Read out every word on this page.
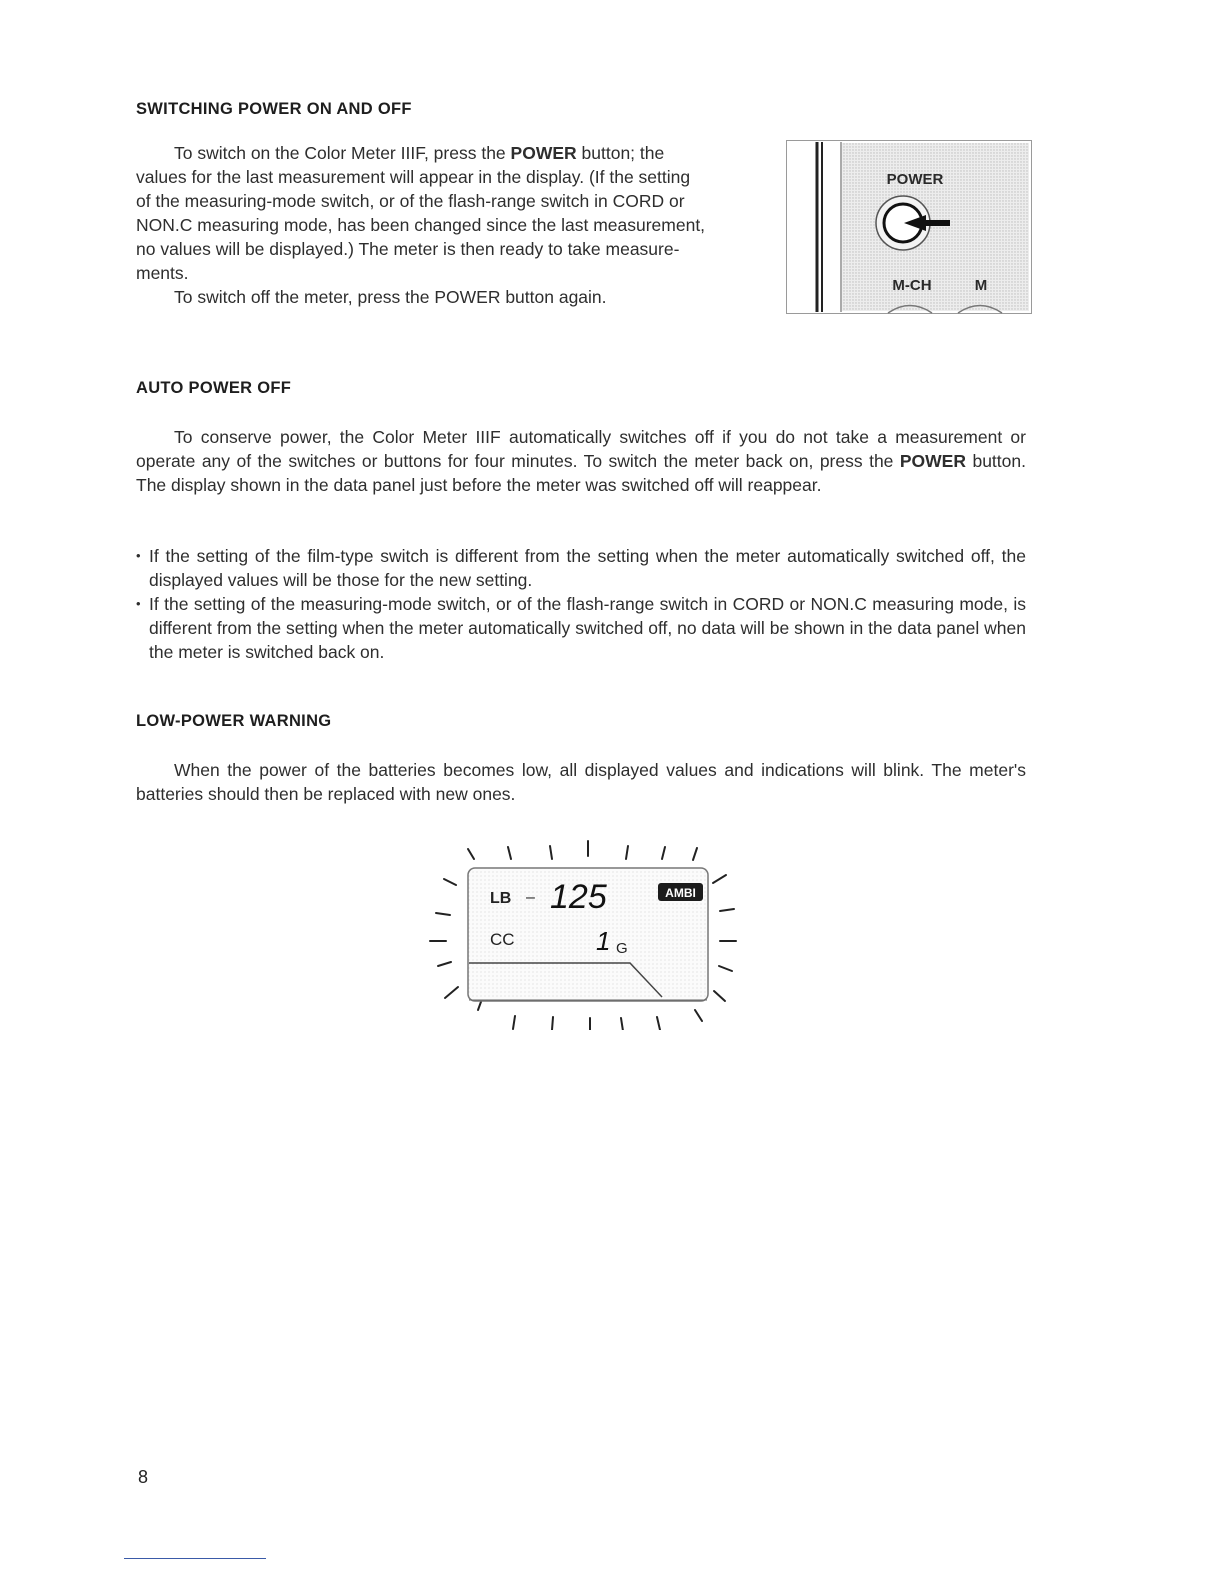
SWITCHING POWER ON AND OFF
To switch on the Color Meter IIIF, press the POWER button; the
values for the last measurement will appear in the display. (If the setting
of the measuring-mode switch, or of the flash-range switch in CORD or
NON.C measuring mode, has been changed since the last measurement,
no values will be displayed.) The meter is then ready to take measure-
ments.
To switch off the meter, press the POWER button again.
POWER
M-CH	M
AUTO POWER OFF

To conserve power, the Color Meter IIIF automatically switches off if you do not take a measurement or operate any of the switches or buttons for four minutes. To switch the meter back on, press the POWER button. The display shown in the data panel just before the meter was switched off will reappear.

• If the setting of the film-type switch is different from the setting when the meter automatically switched off, the displayed values will be those for the new setting.
• If the setting of the measuring-mode switch, or of the flash-range switch in CORD or NON.C measuring mode, is different from the setting when the meter automatically switched off, no data will be shown in the data panel when the meter is switched back on.
LOW-POWER WARNING

When the power of the batteries becomes low, all displayed values and indications will blink. The meter's batteries should then be replaced with new ones.

LB – 125	AMBI
CC	1 G
8
